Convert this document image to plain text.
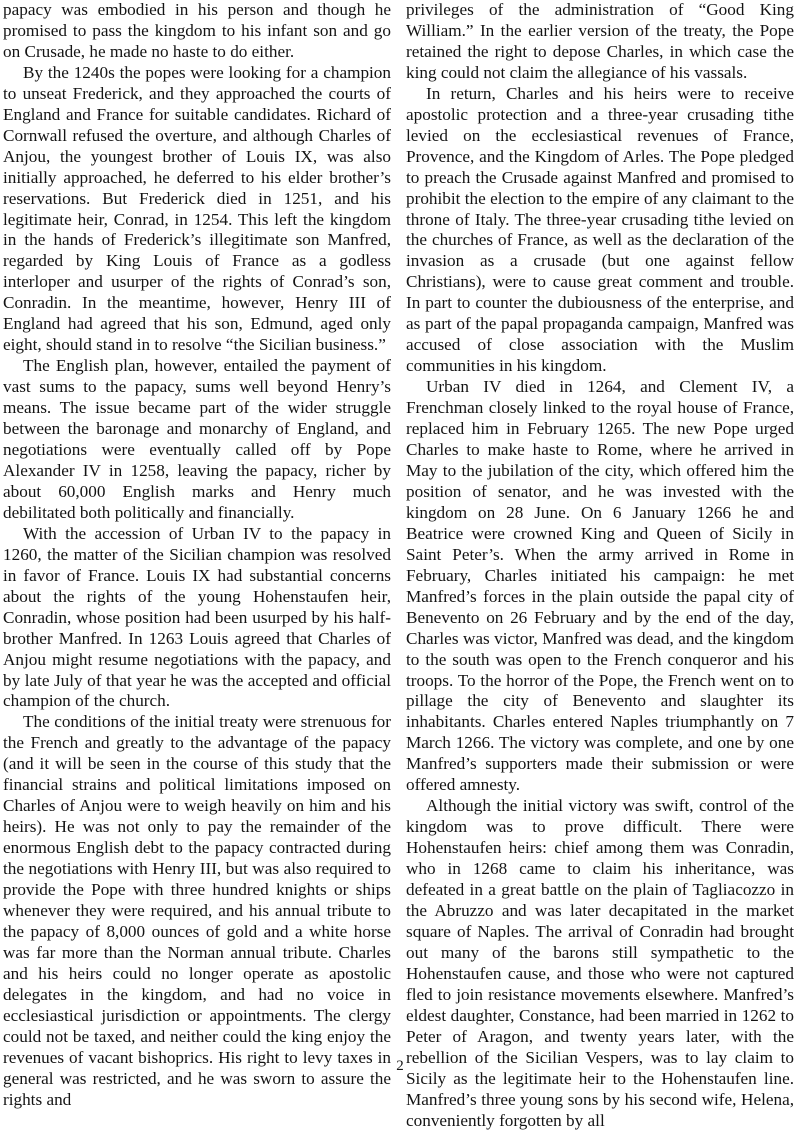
papacy was embodied in his person and though he promised to pass the kingdom to his infant son and go on Crusade, he made no haste to do either.

By the 1240s the popes were looking for a champion to unseat Frederick, and they approached the courts of England and France for suitable candidates. Richard of Cornwall refused the overture, and although Charles of Anjou, the youngest brother of Louis IX, was also initially approached, he deferred to his elder brother’s reservations. But Frederick died in 1251, and his legitimate heir, Conrad, in 1254. This left the kingdom in the hands of Frederick’s illegitimate son Manfred, regarded by King Louis of France as a godless interloper and usurper of the rights of Conrad’s son, Conradin. In the meantime, however, Henry III of England had agreed that his son, Edmund, aged only eight, should stand in to resolve “the Sicilian business.”

The English plan, however, entailed the payment of vast sums to the papacy, sums well beyond Henry’s means. The issue became part of the wider struggle between the baronage and monarchy of England, and negotiations were eventually called off by Pope Alexander IV in 1258, leaving the papacy, richer by about 60,000 English marks and Henry much debilitated both politically and financially.

With the accession of Urban IV to the papacy in 1260, the matter of the Sicilian champion was resolved in favor of France. Louis IX had substantial concerns about the rights of the young Hohenstaufen heir, Conradin, whose position had been usurped by his half-brother Manfred. In 1263 Louis agreed that Charles of Anjou might resume negotiations with the papacy, and by late July of that year he was the accepted and official champion of the church.

The conditions of the initial treaty were strenuous for the French and greatly to the advantage of the papacy (and it will be seen in the course of this study that the financial strains and political limitations imposed on Charles of Anjou were to weigh heavily on him and his heirs). He was not only to pay the remainder of the enormous English debt to the papacy contracted during the negotiations with Henry III, but was also required to provide the Pope with three hundred knights or ships whenever they were required, and his annual tribute to the papacy of 8,000 ounces of gold and a white horse was far more than the Norman annual tribute. Charles and his heirs could no longer operate as apostolic delegates in the kingdom, and had no voice in ecclesiastical jurisdiction or appointments. The clergy could not be taxed, and neither could the king enjoy the revenues of vacant bishoprics. His right to levy taxes in general was restricted, and he was sworn to assure the rights and

privileges of the administration of “Good King William.” In the earlier version of the treaty, the Pope retained the right to depose Charles, in which case the king could not claim the allegiance of his vassals.

In return, Charles and his heirs were to receive apostolic protection and a three-year crusading tithe levied on the ecclesiastical revenues of France, Provence, and the Kingdom of Arles. The Pope pledged to preach the Crusade against Manfred and promised to prohibit the election to the empire of any claimant to the throne of Italy. The three-year crusading tithe levied on the churches of France, as well as the declaration of the invasion as a crusade (but one against fellow Christians), were to cause great comment and trouble. In part to counter the dubiousness of the enterprise, and as part of the papal propaganda campaign, Manfred was accused of close association with the Muslim communities in his kingdom.

Urban IV died in 1264, and Clement IV, a Frenchman closely linked to the royal house of France, replaced him in February 1265. The new Pope urged Charles to make haste to Rome, where he arrived in May to the jubilation of the city, which offered him the position of senator, and he was invested with the kingdom on 28 June. On 6 January 1266 he and Beatrice were crowned King and Queen of Sicily in Saint Peter’s. When the army arrived in Rome in February, Charles initiated his campaign: he met Manfred’s forces in the plain outside the papal city of Benevento on 26 February and by the end of the day, Charles was victor, Manfred was dead, and the kingdom to the south was open to the French conqueror and his troops. To the horror of the Pope, the French went on to pillage the city of Benevento and slaughter its inhabitants. Charles entered Naples triumphantly on 7 March 1266. The victory was complete, and one by one Manfred’s supporters made their submission or were offered amnesty.

Although the initial victory was swift, control of the kingdom was to prove difficult. There were Hohenstaufen heirs: chief among them was Conradin, who in 1268 came to claim his inheritance, was defeated in a great battle on the plain of Tagliacozzo in the Abruzzo and was later decapitated in the market square of Naples. The arrival of Conradin had brought out many of the barons still sympathetic to the Hohenstaufen cause, and those who were not captured fled to join resistance movements elsewhere. Manfred’s eldest daughter, Constance, had been married in 1262 to Peter of Aragon, and twenty years later, with the rebellion of the Sicilian Vespers, was to lay claim to Sicily as the legitimate heir to the Hohenstaufen line. Manfred’s three young sons by his second wife, Helena, conveniently forgotten by all

2
